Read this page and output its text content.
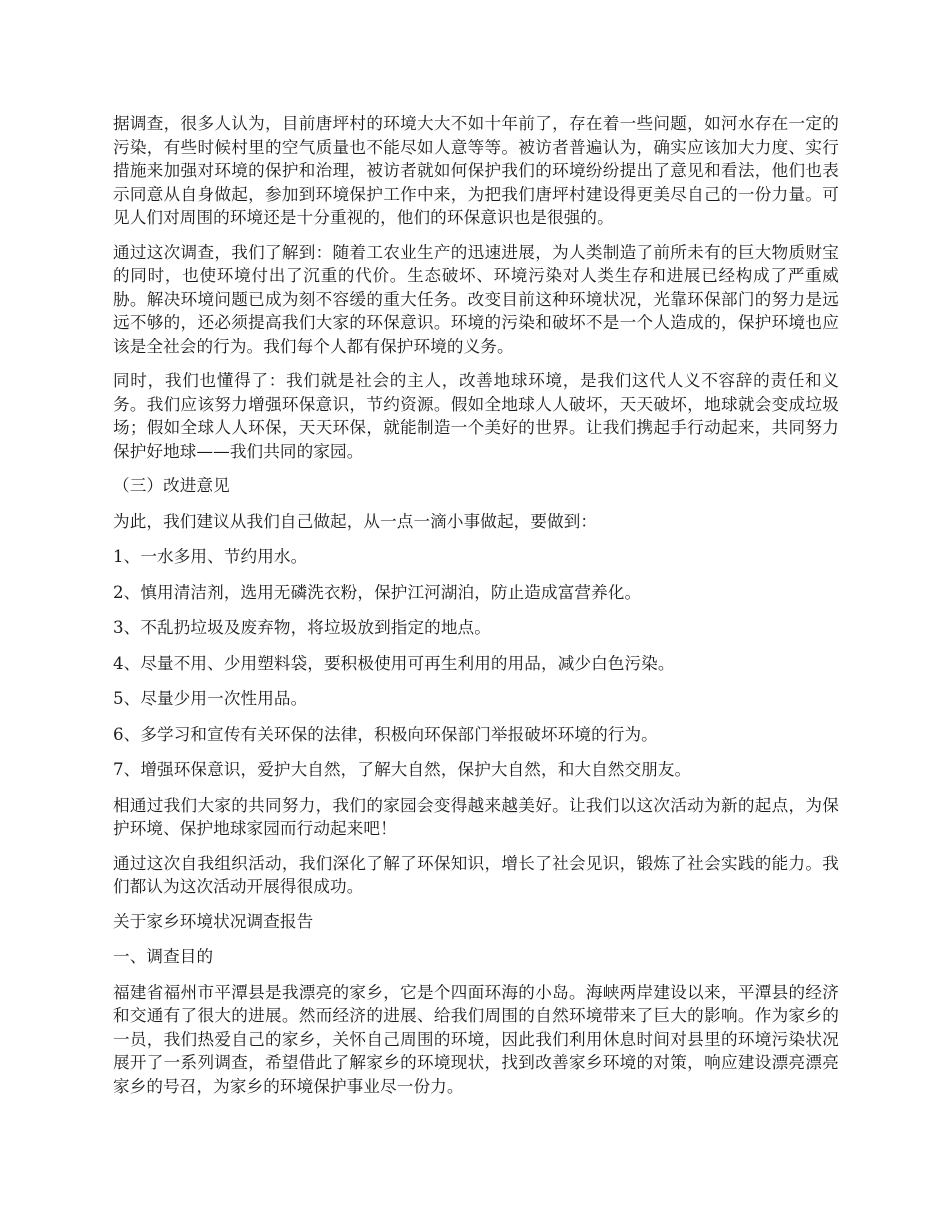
据调查，很多人认为，目前唐坪村的环境大大不如十年前了，存在着一些问题，如河水存在一定的污染，有些时候村里的空气质量也不能尽如人意等等。被访者普遍认为，确实应该加大力度、实行措施来加强对环境的保护和治理，被访者就如何保护我们的环境纷纷提出了意见和看法，他们也表示同意从自身做起，参加到环境保护工作中来，为把我们唐坪村建设得更美尽自己的一份力量。可见人们对周围的环境还是十分重视的，他们的环保意识也是很强的。

通过这次调查，我们了解到：随着工农业生产的迅速进展，为人类制造了前所未有的巨大物质财宝的同时，也使环境付出了沉重的代价。生态破坏、环境污染对人类生存和进展已经构成了严重威胁。解决环境问题已成为刻不容缓的重大任务。改变目前这种环境状况，光靠环保部门的努力是远远不够的，还必须提高我们大家的环保意识。环境的污染和破坏不是一个人造成的，保护环境也应该是全社会的行为。我们每个人都有保护环境的义务。

同时，我们也懂得了：我们就是社会的主人，改善地球环境，是我们这代人义不容辞的责任和义务。我们应该努力增强环保意识，节约资源。假如全地球人人破坏，天天破坏，地球就会变成垃圾场；假如全球人人环保，天天环保，就能制造一个美好的世界。让我们携起手行动起来，共同努力保护好地球——我们共同的家园。

（三）改进意见

为此，我们建议从我们自己做起，从一点一滴小事做起，要做到：

1、一水多用、节约用水。

2、慎用清洁剂，选用无磷洗衣粉，保护江河湖泊，防止造成富营养化。

3、不乱扔垃圾及废弃物，将垃圾放到指定的地点。

4、尽量不用、少用塑料袋，要积极使用可再生利用的用品，减少白色污染。

5、尽量少用一次性用品。

6、多学习和宣传有关环保的法律，积极向环保部门举报破坏环境的行为。

7、增强环保意识，爱护大自然，了解大自然，保护大自然，和大自然交朋友。

相通过我们大家的共同努力，我们的家园会变得越来越美好。让我们以这次活动为新的起点，为保护环境、保护地球家园而行动起来吧！

通过这次自我组织活动，我们深化了解了环保知识，增长了社会见识，锻炼了社会实践的能力。我们都认为这次活动开展得很成功。

关于家乡环境状况调查报告

一、调查目的

福建省福州市平潭县是我漂亮的家乡，它是个四面环海的小岛。海峡两岸建设以来，平潭县的经济和交通有了很大的进展。然而经济的进展、给我们周围的自然环境带来了巨大的影响。作为家乡的一员，我们热爱自己的家乡，关怀自己周围的环境，因此我们利用休息时间对县里的环境污染状况展开了一系列调查，希望借此了解家乡的环境现状，找到改善家乡环境的对策，响应建设漂亮漂亮家乡的号召，为家乡的环境保护事业尽一份力。
